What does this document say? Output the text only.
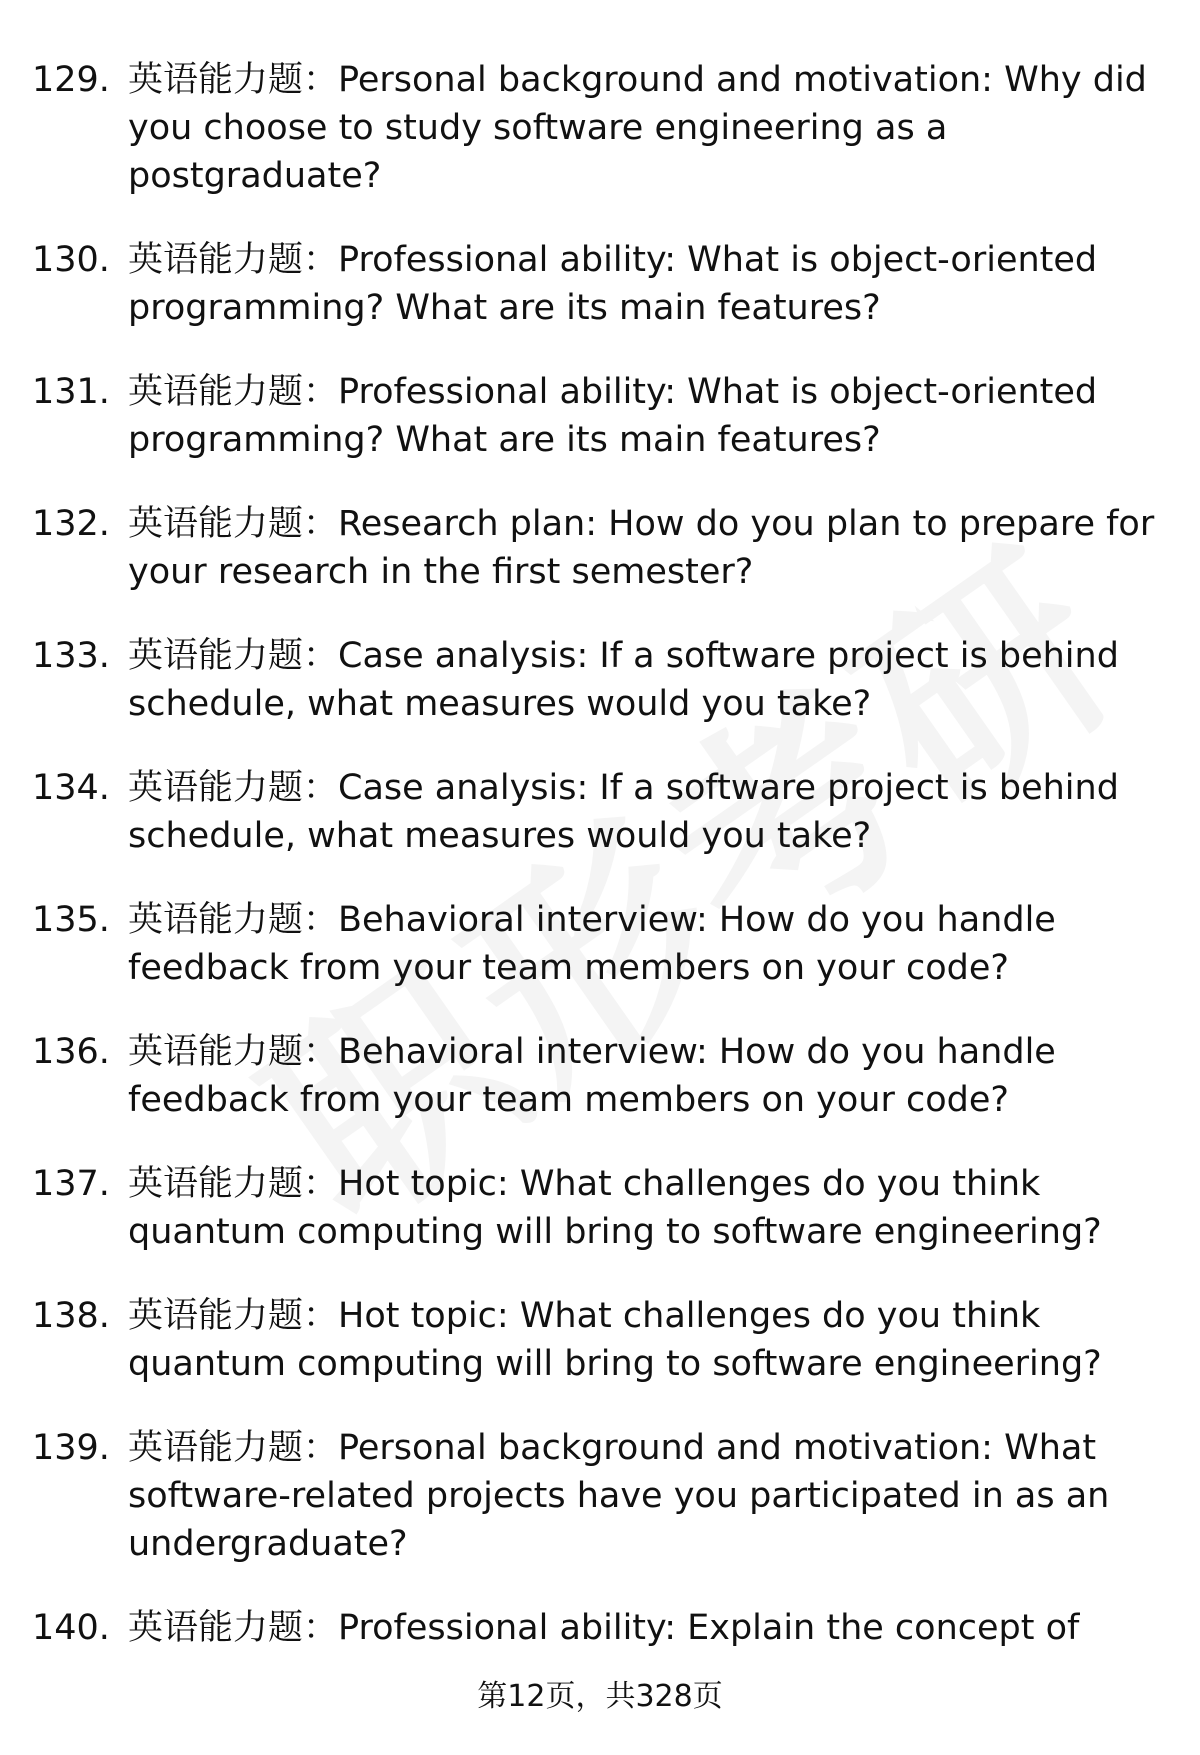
129. 英语能力题：Personal background and motivation: Why did you choose to study software engineering as a postgraduate?
130. 英语能力题：Professional ability: What is object-oriented programming? What are its main features?
131. 英语能力题：Professional ability: What is object-oriented programming? What are its main features?
132. 英语能力题：Research plan: How do you plan to prepare for your research in the first semester?
133. 英语能力题：Case analysis: If a software project is behind schedule, what measures would you take?
134. 英语能力题：Case analysis: If a software project is behind schedule, what measures would you take?
135. 英语能力题：Behavioral interview: How do you handle feedback from your team members on your code?
136. 英语能力题：Behavioral interview: How do you handle feedback from your team members on your code?
137. 英语能力题：Hot topic: What challenges do you think quantum computing will bring to software engineering?
138. 英语能力题：Hot topic: What challenges do you think quantum computing will bring to software engineering?
139. 英语能力题：Personal background and motivation: What software-related projects have you participated in as an undergraduate?
140. 英语能力题：Professional ability: Explain the concept of
第12页，共328页
